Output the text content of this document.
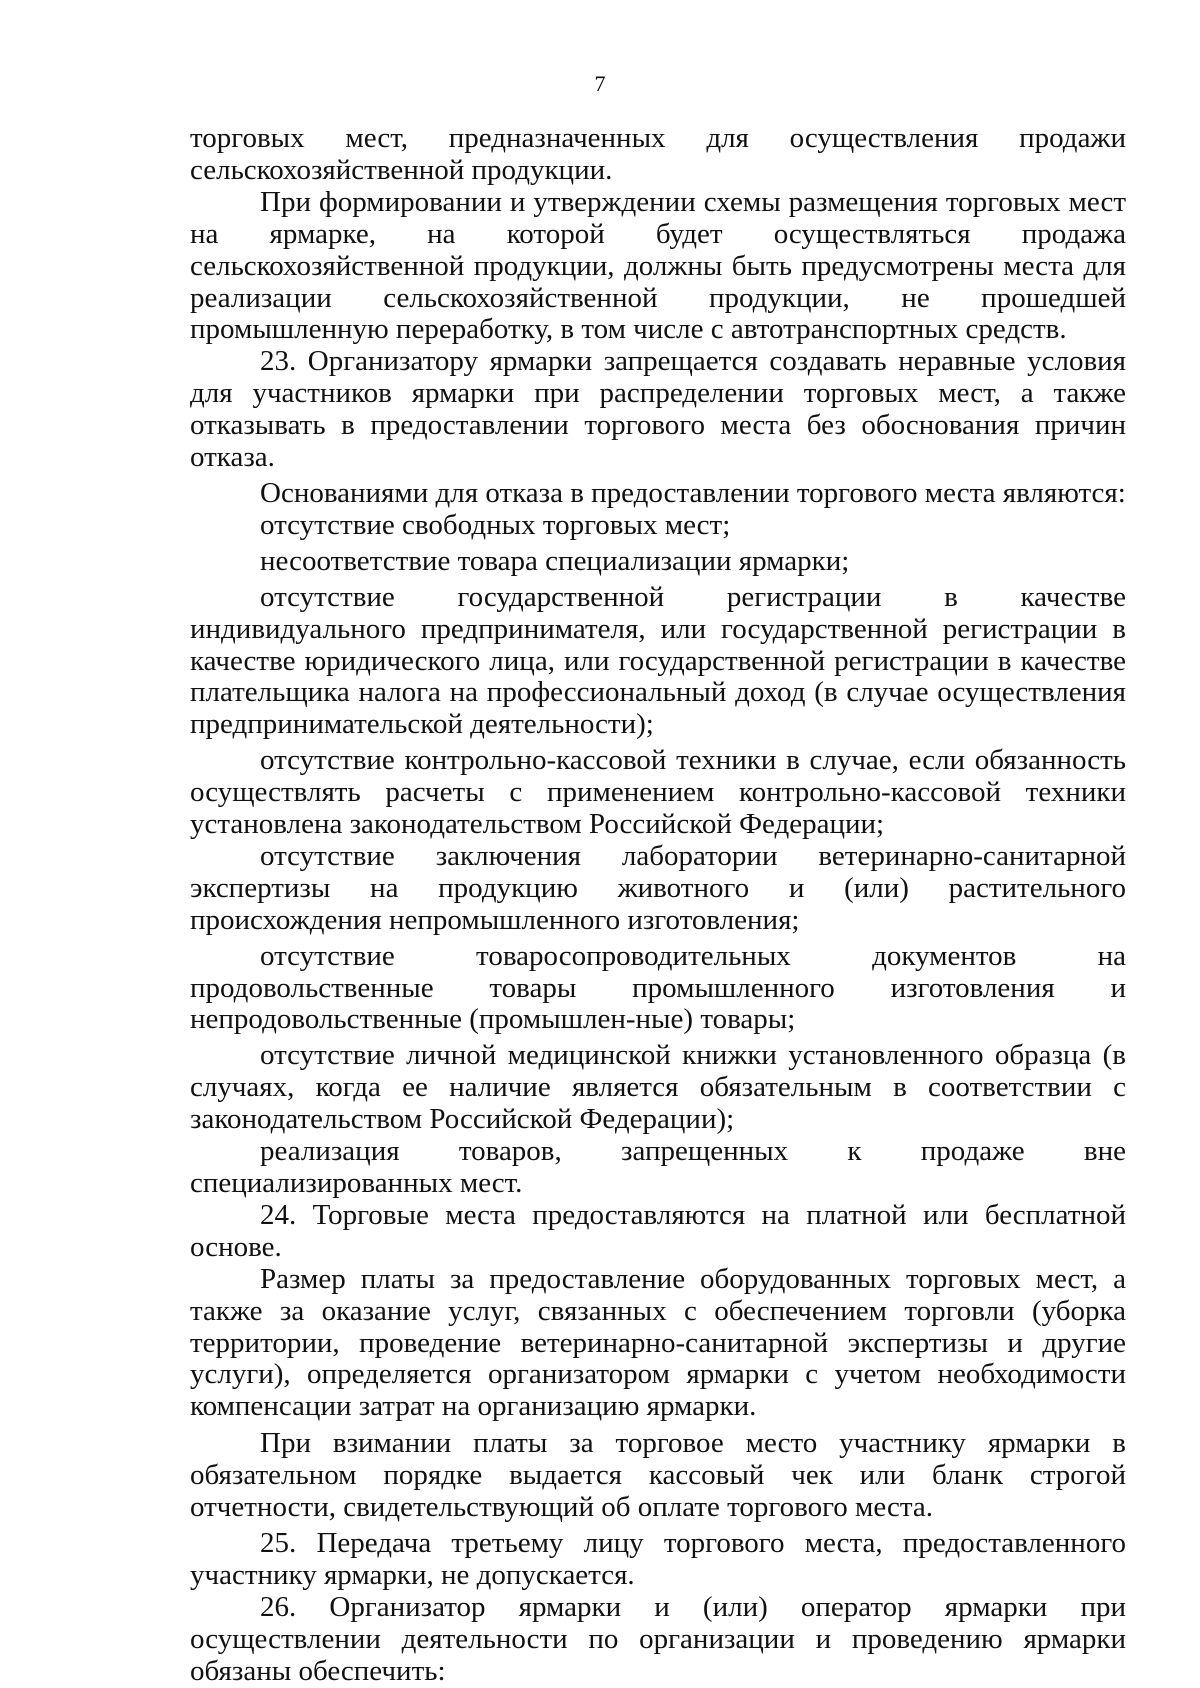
7

торговых мест, предназначенных для осуществления продажи сельскохозяйственной продукции.

При формировании и утверждении схемы размещения торговых мест на ярмарке, на которой будет осуществляться продажа сельскохозяйственной продукции, должны быть предусмотрены места для реализации сельскохозяйственной продукции, не прошедшей промышленную переработку, в том числе с автотранспортных средств.

23. Организатору ярмарки запрещается создавать неравные условия для участников ярмарки при распределении торговых мест, а также отказывать в предоставлении торгового места без обоснования причин отказа.

Основаниями для отказа в предоставлении торгового места являются:

отсутствие свободных торговых мест;

несоответствие товара специализации ярмарки;

отсутствие государственной регистрации в качестве индивидуального предпринимателя, или государственной регистрации в качестве юридического лица, или государственной регистрации в качестве плательщика налога на профессиональный доход (в случае осуществления предпринимательской деятельности);

отсутствие контрольно-кассовой техники в случае, если обязанность осуществлять расчеты с применением контрольно-кассовой техники установлена законодательством Российской Федерации;

отсутствие заключения лаборатории ветеринарно-санитарной экспертизы на продукцию животного и (или) растительного происхождения непромышленного изготовления;

отсутствие товаросопроводительных документов на продовольственные товары промышленного изготовления и непродовольственные (промышлен-ные) товары;

отсутствие личной медицинской книжки установленного образца (в случаях, когда ее наличие является обязательным в соответствии с законодательством Российской Федерации);

реализация товаров, запрещенных к продаже вне специализированных мест.

24. Торговые места предоставляются на платной или бесплатной основе.

Размер платы за предоставление оборудованных торговых мест, а также за оказание услуг, связанных с обеспечением торговли (уборка территории, проведение ветеринарно-санитарной экспертизы и другие услуги), определяется организатором ярмарки с учетом необходимости компенсации затрат на организацию ярмарки.

При взимании платы за торговое место участнику ярмарки в обязательном порядке выдается кассовый чек или бланк строгой отчетности, свидетельствующий об оплате торгового места.

25. Передача третьему лицу торгового места, предоставленного участнику ярмарки, не допускается.

26. Организатор ярмарки и (или) оператор ярмарки при осуществлении деятельности по организации и проведению ярмарки обязаны обеспечить:
